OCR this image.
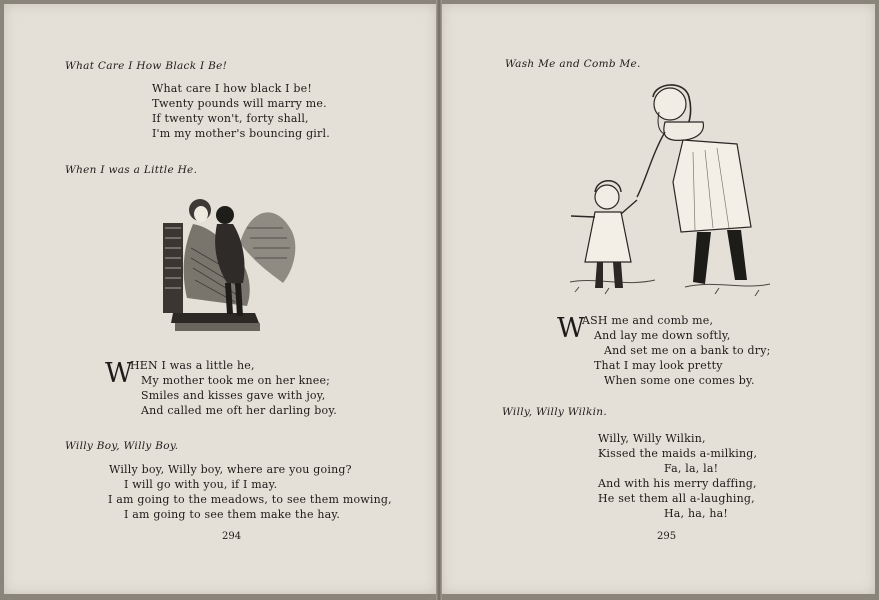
What Care I How Black I Be!
What care I how black I be!
Twenty pounds will marry me.
If twenty won't, forty shall,
I'm my mother's bouncing girl.
When I was a Little He.
W
HEN I was a little he,
My mother took me on her knee;
Smiles and kisses gave with joy,
And called me oft her darling boy.
Willy Boy, Willy Boy.
Willy boy, Willy boy, where are you going?
I will go with you, if I may.
I am going to the meadows, to see them mowing,
I am going to see them make the hay.
294
Wash Me and Comb Me.
W
ASH me and comb me,
And lay me down softly,
And set me on a bank to dry;
That I may look pretty
When some one comes by.
Willy, Willy Wilkin.
Willy, Willy Wilkin,
Kissed the maids a-milking,
Fa, la, la!
And with his merry daffing,
He set them all a-laughing,
Ha, ha, ha!
295
